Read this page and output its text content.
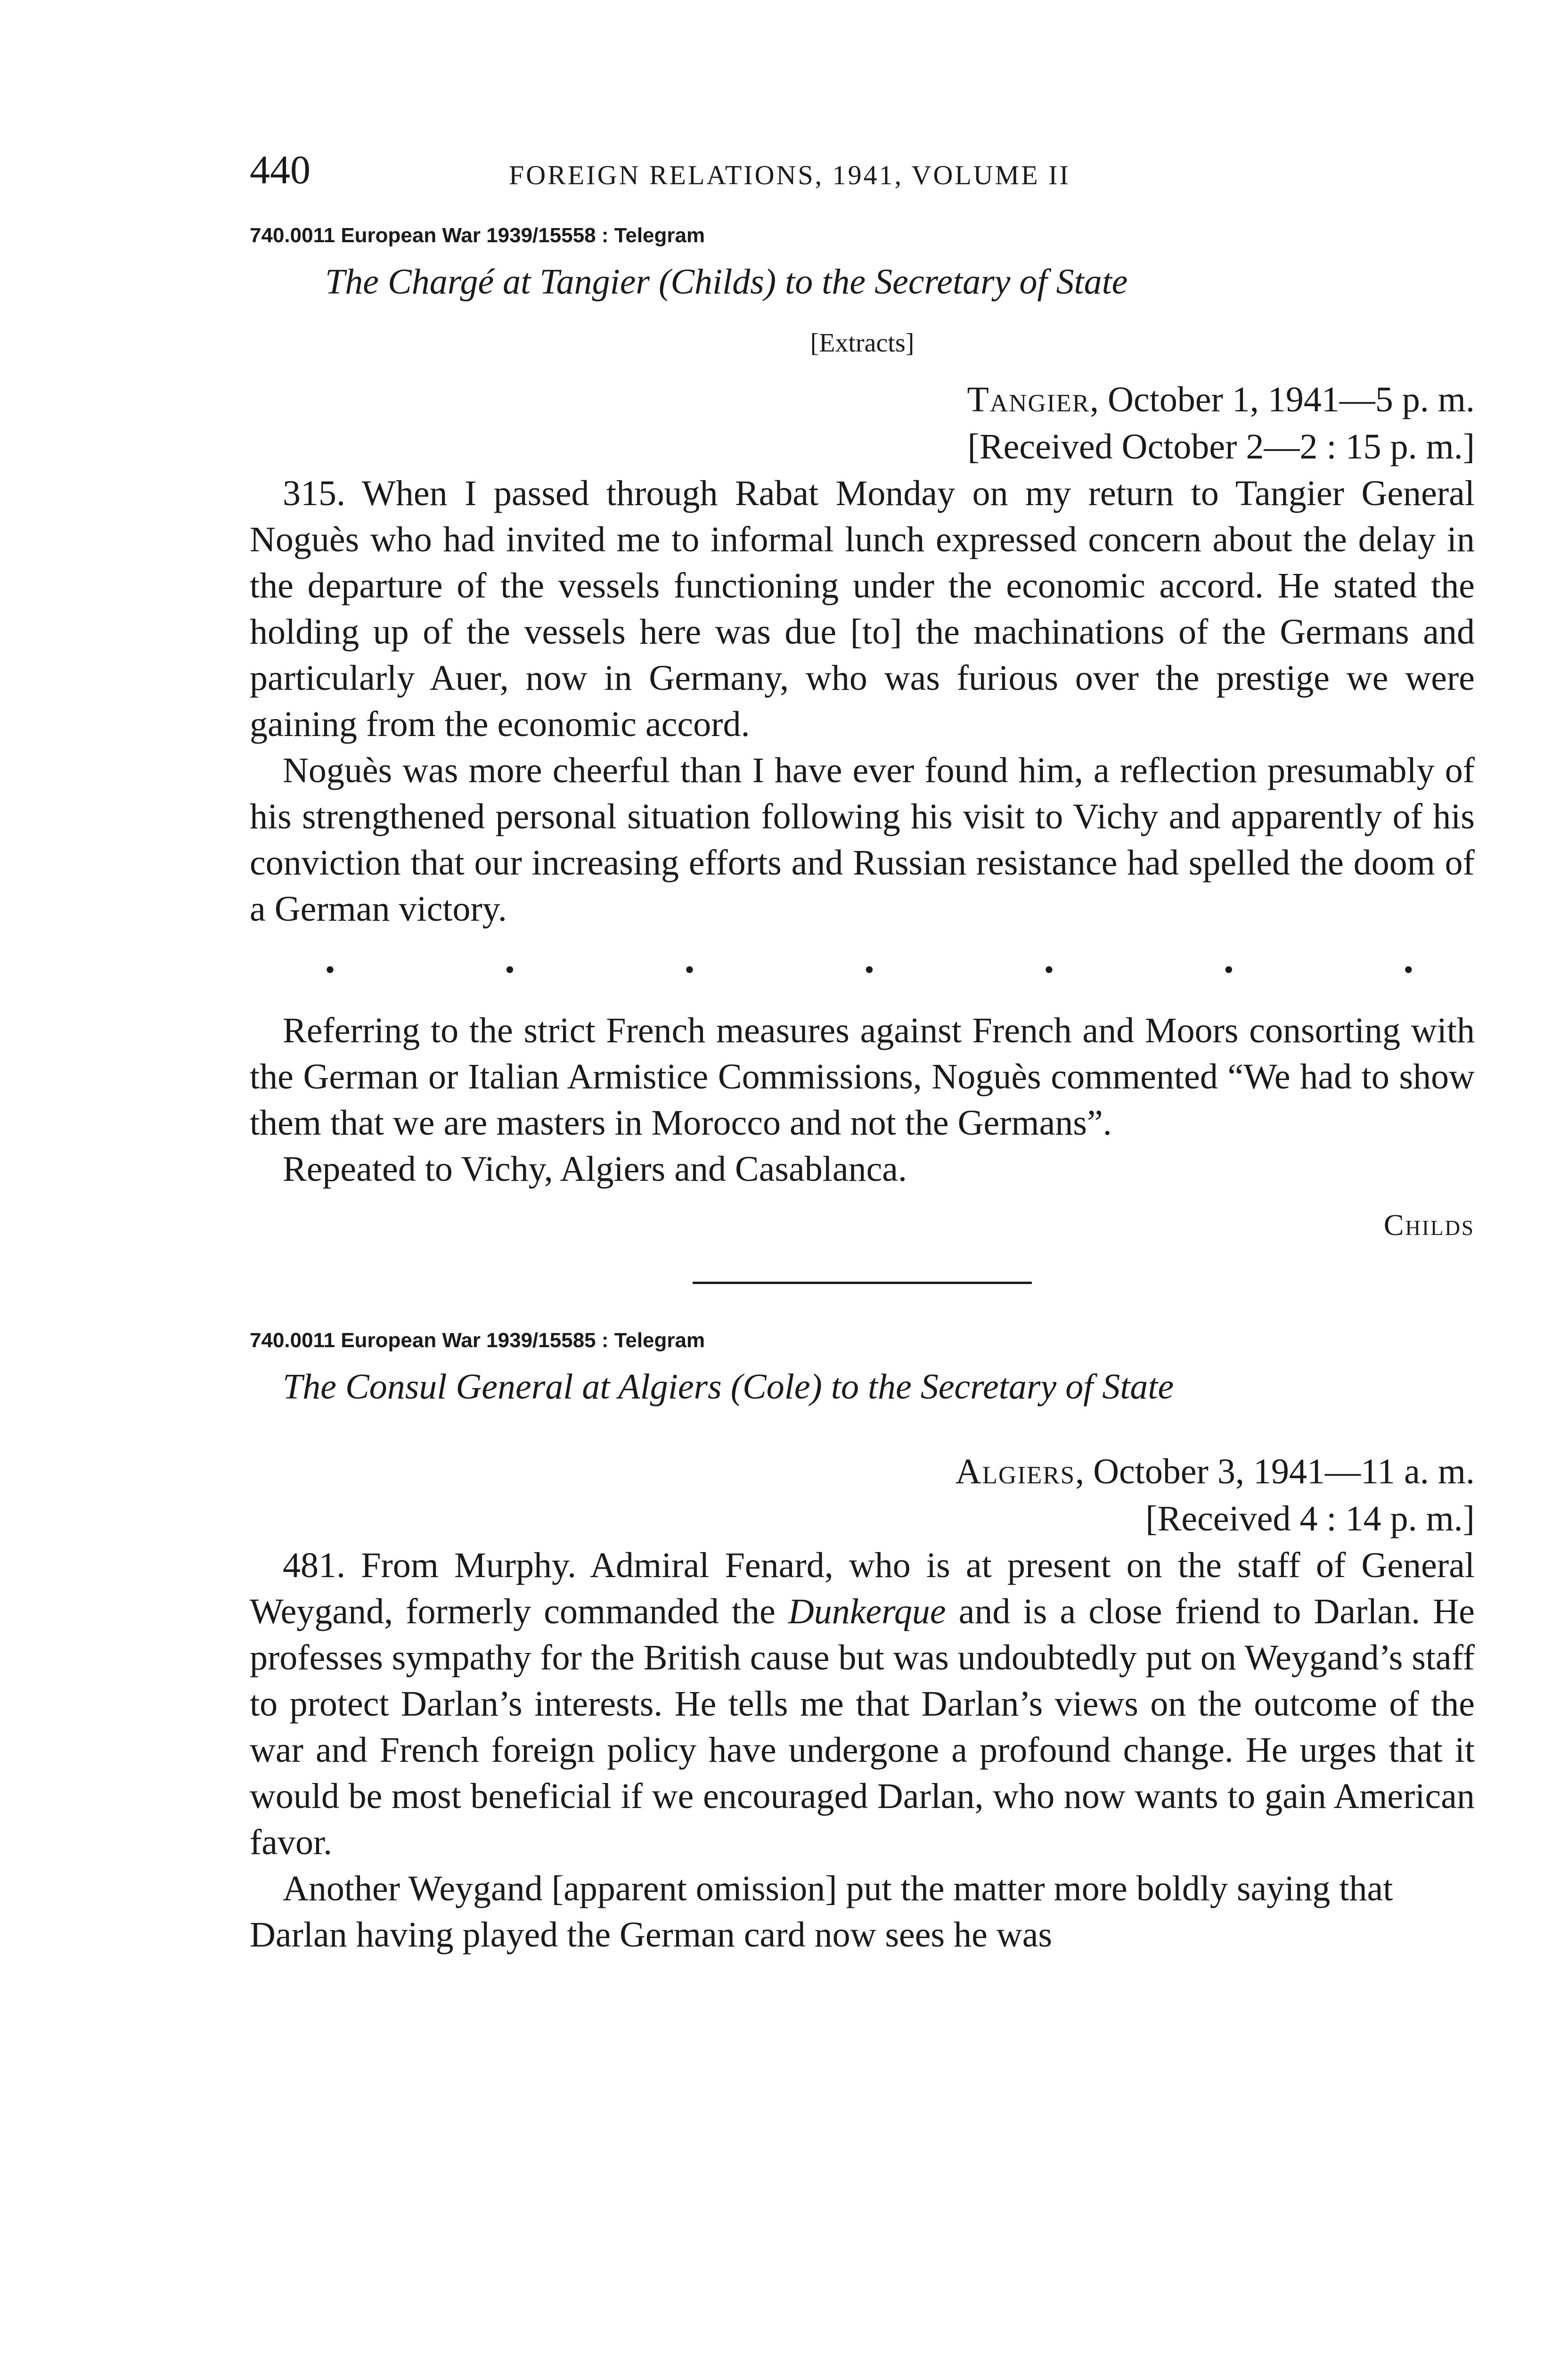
440	FOREIGN RELATIONS, 1941, VOLUME II
740.0011 European War 1939/15558 : Telegram
The Chargé at Tangier (Childs) to the Secretary of State
[Extracts]
Tangier, October 1, 1941—5 p. m.
[Received October 2—2 : 15 p. m.]

315. When I passed through Rabat Monday on my return to Tangier General Noguès who had invited me to informal lunch expressed concern about the delay in the departure of the vessels functioning under the economic accord. He stated the holding up of the vessels here was due [to] the machinations of the Germans and particularly Auer, now in Germany, who was furious over the prestige we were gaining from the economic accord.

Noguès was more cheerful than I have ever found him, a reflection presumably of his strengthened personal situation following his visit to Vichy and apparently of his conviction that our increasing efforts and Russian resistance had spelled the doom of a German victory.

•	•	•	•	•	•	•

Referring to the strict French measures against French and Moors consorting with the German or Italian Armistice Commissions, Noguès commented “We had to show them that we are masters in Morocco and not the Germans”.

Repeated to Vichy, Algiers and Casablanca.

Childs
740.0011 European War 1939/15585 : Telegram
The Consul General at Algiers (Cole) to the Secretary of State
Algiers, October 3, 1941—11 a. m.
[Received 4 : 14 p. m.]

481. From Murphy. Admiral Fenard, who is at present on the staff of General Weygand, formerly commanded the Dunkerque and is a close friend to Darlan. He professes sympathy for the British cause but was undoubtedly put on Weygand’s staff to protect Darlan’s interests. He tells me that Darlan’s views on the outcome of the war and French foreign policy have undergone a profound change. He urges that it would be most beneficial if we encouraged Darlan, who now wants to gain American favor.

Another Weygand [apparent omission] put the matter more boldly saying that Darlan having played the German card now sees he was
